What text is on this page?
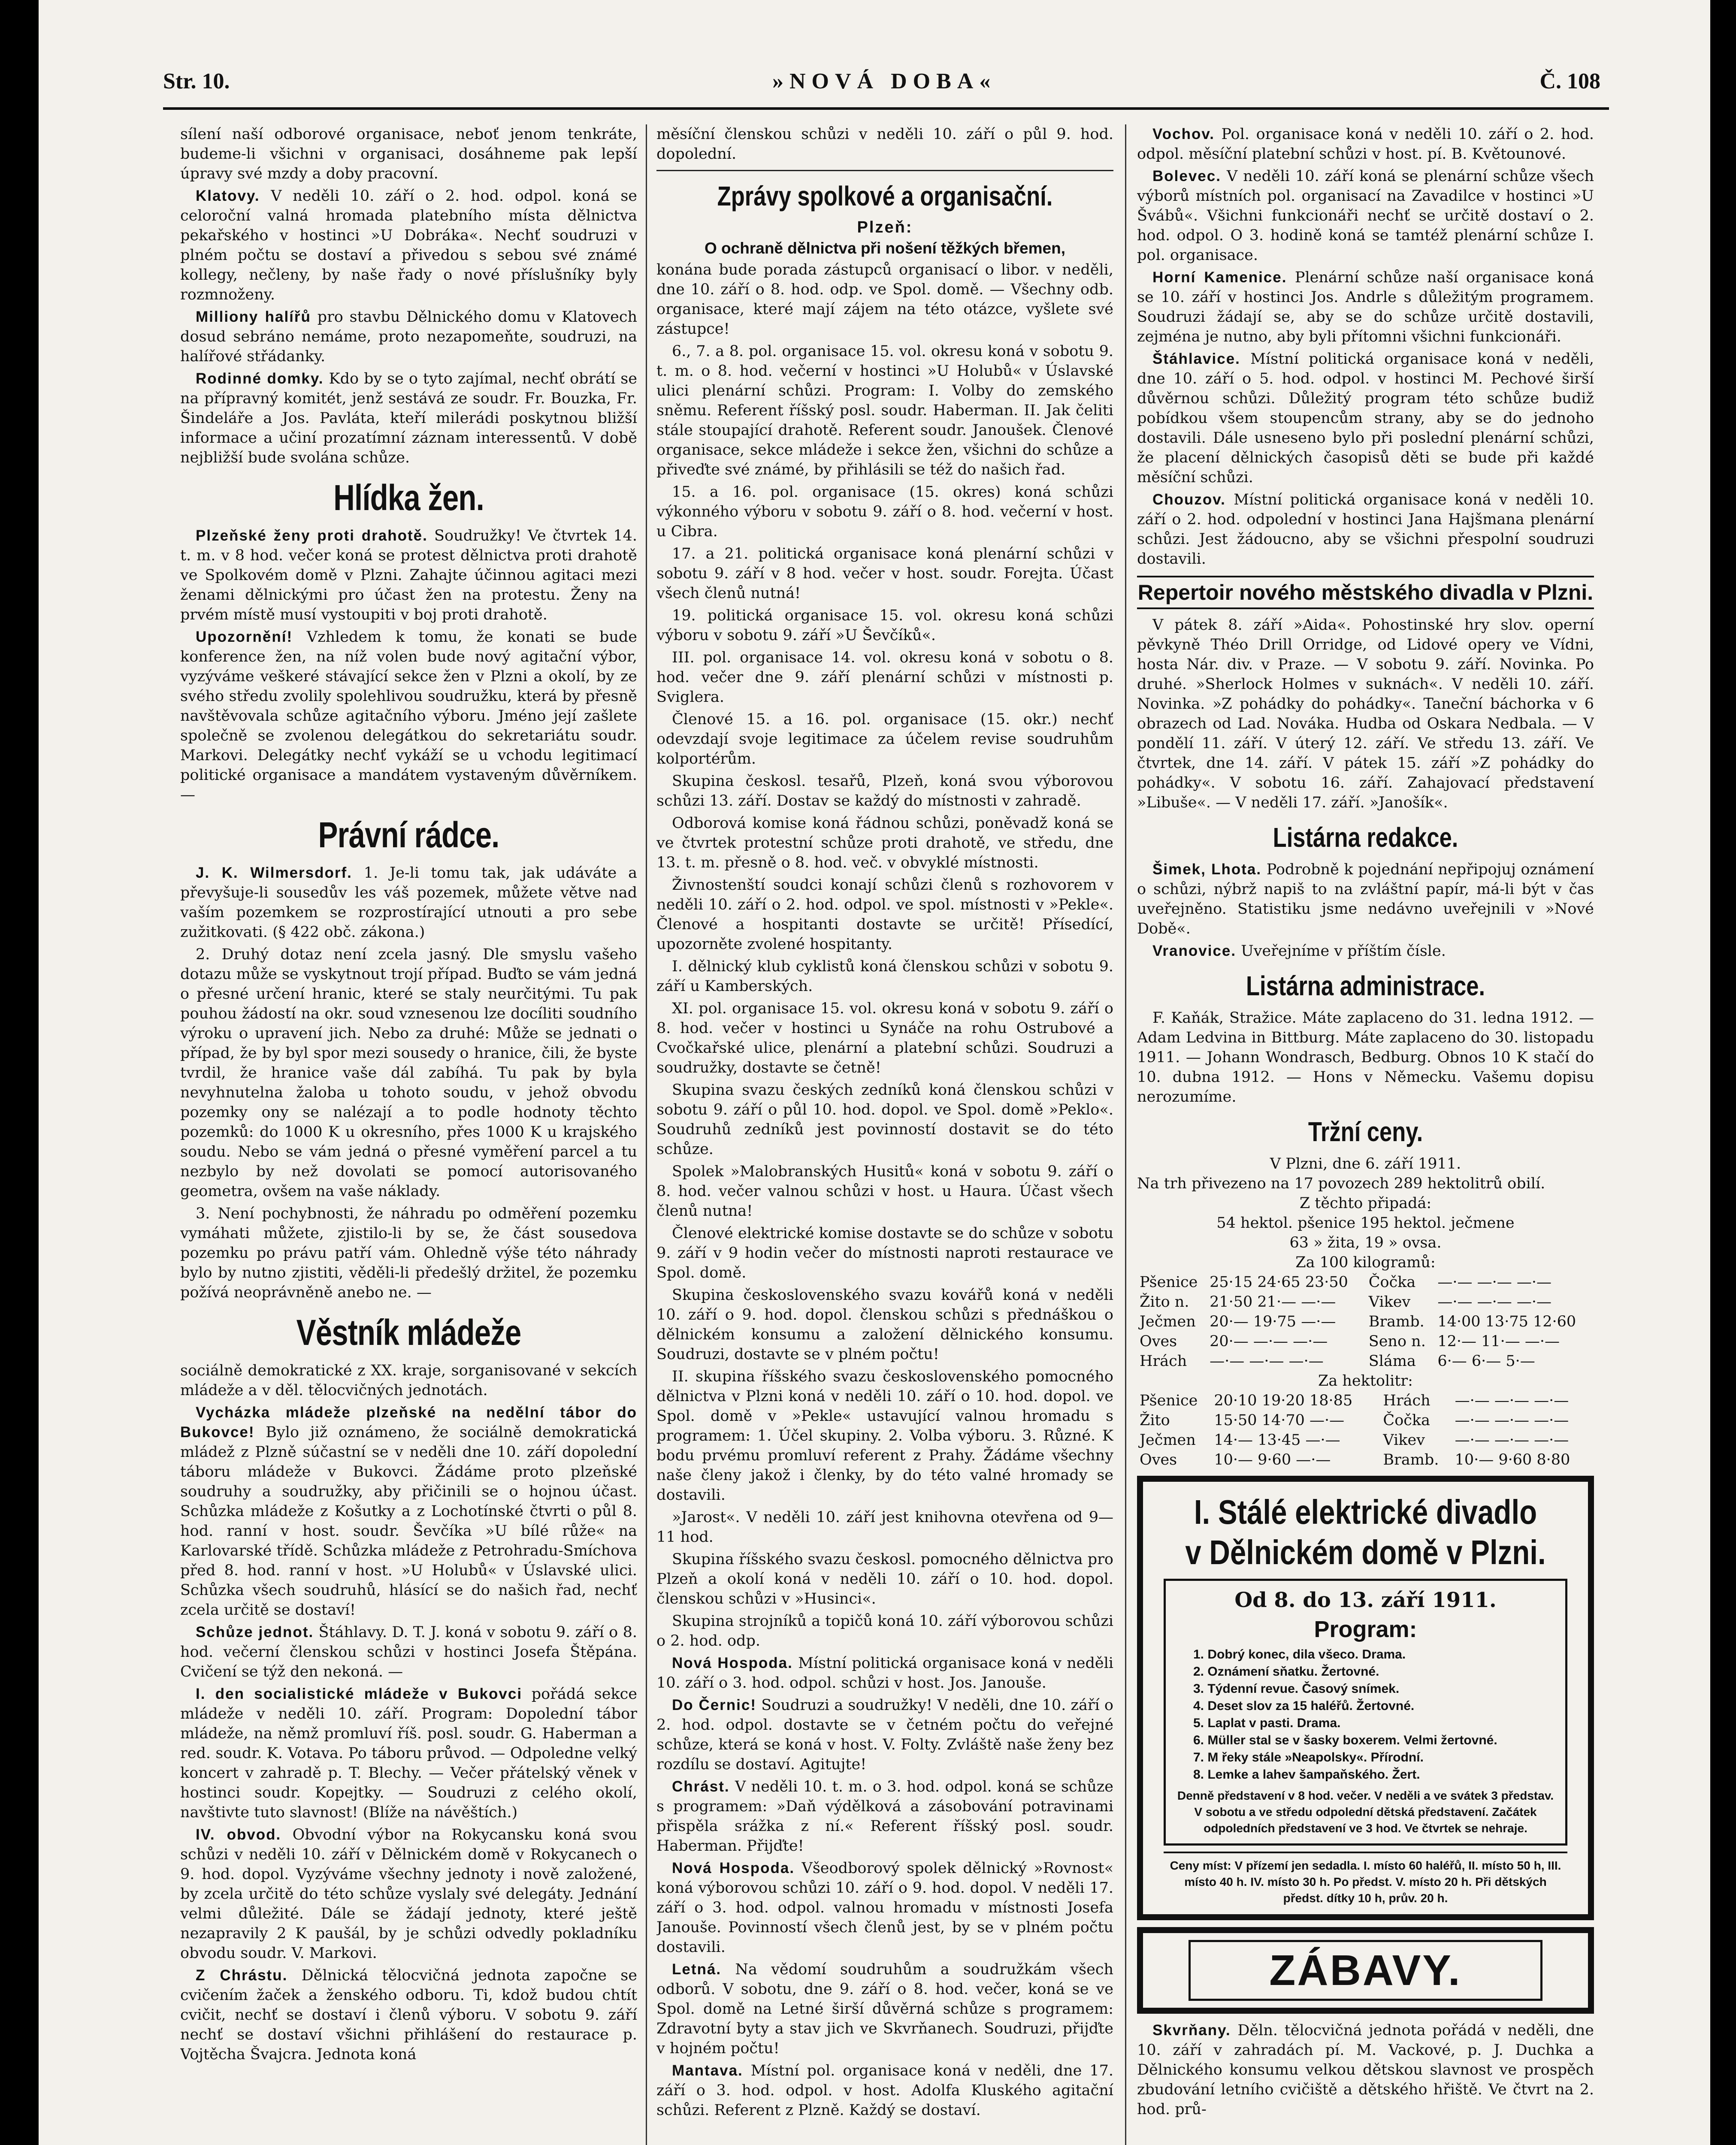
Str. 10.	»NOVÁ DOBA«	Č. 108

sílení naší odborové organisace, neboť jenom tenkráte, budeme-li všichni v organisaci, dosáhneme pak lepší úpravy své mzdy a doby pracovní.

Klatovy. V neděli 10. září o 2. hod. odpol. koná se celoroční valná hromada platebního místa dělnictva pekařského v hostinci »U Dobráka«. Nechť soudruzi v plném počtu se dostaví a přivedou s sebou své známé kollegy, nečleny, by naše řady o nové příslušníky byly rozmnoženy.

Milliony halířů pro stavbu Dělnického domu v Klatovech dosud sebráno nemáme, proto nezapomeňte, soudruzi, na halířové střádanky.

Rodinné domky. Kdo by se o tyto zajímal, nechť obrátí se na přípravný komitét, jenž sestává ze soudr. Fr. Bouzka, Fr. Šindeláře a Jos. Pavláta, kteří milerádi poskytnou bližší informace a učiní prozatímní záznam interessentů. V době nejbližší bude svolána schůze.

Hlídka žen.

Plzeňské ženy proti drahotě. Soudružky! Ve čtvrtek 14. t. m. v 8 hod. večer koná se protest dělnictva proti drahotě ve Spolkovém domě v Plzni. Zahajte účinnou agitaci mezi ženami dělnickými pro účast žen na protestu. Ženy na prvém místě musí vystoupiti v boj proti drahotě.

Upozornění! Vzhledem k tomu, že konati se bude konference žen, na níž volen bude nový agitační výbor, vyzýváme veškeré stávající sekce žen v Plzni a okolí, by ze svého středu zvolily spolehlivou soudružku, která by přesně navštěvovala schůze agitačního výboru. Jméno její zašlete společně se zvolenou delegátkou do sekretariátu soudr. Markovi. Delegátky nechť vykáží se u vchodu legitimací politické organisace a mandátem vystaveným důvěrníkem. —

Právní rádce.

J. K. Wilmersdorf. 1. Je-li tomu tak, jak udáváte a převyšuje-li sousedův les váš pozemek, můžete větve nad vaším pozemkem se rozprostírající utnouti a pro sebe zužitkovati. (§ 422 obč. zákona.)

2. Druhý dotaz není zcela jasný. Dle smyslu vašeho dotazu může se vyskytnout trojí případ. Buďto se vám jedná o přesné určení hranic, které se staly neurčitými. Tu pak pouhou žádostí na okr. soud vznesenou lze docíliti soudního výroku o upravení jich. Nebo za druhé: Může se jednati o případ, že by byl spor mezi sousedy o hranice, čili, že byste tvrdil, že hranice vaše dál zabíhá. Tu pak by byla nevyhnutelna žaloba u tohoto soudu, v jehož obvodu pozemky ony se nalézají a to podle hodnoty těchto pozemků: do 1000 K u okresního, přes 1000 K u krajského soudu. Nebo se vám jedná o přesné vyměření parcel a tu nezbylo by než dovolati se pomocí autorisovaného geometra, ovšem na vaše náklady.

3. Není pochybnosti, že náhradu po odměření pozemku vymáhati můžete, zjistilo-li by se, že část sousedova pozemku po právu patří vám. Ohledně výše této náhrady bylo by nutno zjistiti, věděli-li předešlý držitel, že pozemku požívá neoprávněně anebo ne. —

Věstník mládeže

sociálně demokratické z XX. kraje, sorganisované v sekcích mládeže a v děl. tělocvičných jednotách.

Vycházka mládeže plzeňské na nedělní tábor do Bukovce! Bylo již oznámeno, že sociálně demokratická mládež z Plzně súčastní se v neděli dne 10. září dopolední táboru mládeže v Bukovci. Žádáme proto plzeňské soudruhy a soudružky, aby přičinili se o hojnou účast. Schůzka mládeže z Košutky a z Lochotínské čtvrti o půl 8. hod. ranní v host. soudr. Ševčíka »U bílé růže« na Karlovarské třídě. Schůzka mládeže z Petrohradu-Smíchova před 8. hod. ranní v host. »U Holubů« v Úslavské ulici. Schůzka všech soudruhů, hlásící se do našich řad, nechť zcela určitě se dostaví!

Schůze jednot. Štáhlavy. D. T. J. koná v sobotu 9. září o 8. hod. večerní členskou schůzi v hostinci Josefa Štěpána. Cvičení se týž den nekoná. —

I. den socialistické mládeže v Bukovci pořádá sekce mládeže v neděli 10. září. Program: Dopolední tábor mládeže, na němž promluví říš. posl. soudr. G. Haberman a red. soudr. K. Votava. Po táboru průvod. — Odpoledne velký koncert v zahradě p. T. Blechy. — Večer přátelský věnek v hostinci soudr. Kopejtky. — Soudruzi z celého okolí, navštivte tuto slavnost! (Blíže na návěštích.)

IV. obvod. Obvodní výbor na Rokycansku koná svou schůzi v neděli 10. září v Dělnickém domě v Rokycanech o 9. hod. dopol. Vyzýváme všechny jednoty i nově založené, by zcela určitě do této schůze vyslaly své delegáty. Jednání velmi důležité. Dále se žádají jednoty, které ještě nezapravily 2 K paušál, by je schůzi odvedly pokladníku obvodu soudr. V. Markovi.

Z Chrástu. Dělnická tělocvičná jednota započne se cvičením žaček a ženského odboru. Ti, kdož budou chtít cvičit, nechť se dostaví i členů výboru. V sobotu 9. září nechť se dostaví všichni přihlášení do restaurace p. Vojtěcha Švajcra. Jednota koná

měsíční členskou schůzi v neděli 10. září o půl 9. hod. dopolední.

Zprávy spolkové a organisační.
Plzeň:
O ochraně dělnictva při nošení těžkých břemen,

konána bude porada zástupců organisací o libor. v neděli, dne 10. září o 8. hod. odp. ve Spol. domě. — Všechny odb. organisace, které mají zájem na této otázce, vyšlete své zástupce!

6., 7. a 8. pol. organisace 15. vol. okresu koná v sobotu 9. t. m. o 8. hod. večerní v hostinci »U Holubů« v Úslavské ulici plenární schůzi. Program: I. Volby do zemského sněmu. Referent říšský posl. soudr. Haberman. II. Jak čeliti stále stoupající drahotě. Referent soudr. Janoušek. Členové organisace, sekce mládeže i sekce žen, všichni do schůze a přiveďte své známé, by přihlásili se též do našich řad.

15. a 16. pol. organisace (15. okres) koná schůzi výkonného výboru v sobotu 9. září o 8. hod. večerní v host. u Cibra.

17. a 21. politická organisace koná plenární schůzi v sobotu 9. září v 8 hod. večer v host. soudr. Forejta. Účast všech členů nutná!

19. politická organisace 15. vol. okresu koná schůzi výboru v sobotu 9. září »U Ševčíků«.

III. pol. organisace 14. vol. okresu koná v sobotu o 8. hod. večer dne 9. září plenární schůzi v místnosti p. Sviglera.

Členové 15. a 16. pol. organisace (15. okr.) nechť odevzdají svoje legitimace za účelem revise soudruhům kolportérům.

Skupina českosl. tesařů, Plzeň, koná svou výborovou schůzi 13. září. Dostav se každý do místnosti v zahradě.

Odborová komise koná řádnou schůzi, poněvadž koná se ve čtvrtek protestní schůze proti drahotě, ve středu, dne 13. t. m. přesně o 8. hod. več. v obvyklé místnosti.

Živnostenští soudci konají schůzi členů s rozhovorem v neděli 10. září o 2. hod. odpol. ve spol. místnosti v »Pekle«. Členové a hospitanti dostavte se určitě! Přísedící, upozorněte zvolené hospitanty.

I. dělnický klub cyklistů koná členskou schůzi v sobotu 9. září u Kamberských.

XI. pol. organisace 15. vol. okresu koná v sobotu 9. září o 8. hod. večer v hostinci u Synáče na rohu Ostrubové a Cvočkařské ulice, plenární a platební schůzi. Soudruzi a soudružky, dostavte se četně!

Skupina svazu českých zedníků koná členskou schůzi v sobotu 9. září o půl 10. hod. dopol. ve Spol. domě »Peklo«. Soudruhů zedníků jest povinností dostavit se do této schůze.

Spolek »Malobranských Husitů« koná v sobotu 9. září o 8. hod. večer valnou schůzi v host. u Haura. Účast všech členů nutna!

Členové elektrické komise dostavte se do schůze v sobotu 9. září v 9 hodin večer do místnosti naproti restaurace ve Spol. domě.

Skupina československého svazu kovářů koná v neděli 10. září o 9. hod. dopol. členskou schůzi s přednáškou o dělnickém konsumu a založení dělnického konsumu. Soudruzi, dostavte se v plném počtu!

II. skupina říšského svazu československého pomocného dělnictva v Plzni koná v neděli 10. září o 10. hod. dopol. ve Spol. domě v »Pekle« ustavující valnou hromadu s programem: 1. Účel skupiny. 2. Volba výboru. 3. Různé. K bodu prvému promluví referent z Prahy. Žádáme všechny naše členy jakož i členky, by do této valné hromady se dostavili.

»Jarost«. V neděli 10. září jest knihovna otevřena od 9—11 hod.

Skupina říšského svazu českosl. pomocného dělnictva pro Plzeň a okolí koná v neděli 10. září o 10. hod. dopol. členskou schůzi v »Husinci«.

Skupina strojníků a topičů koná 10. září výborovou schůzi o 2. hod. odp.

Nová Hospoda. Místní politická organisace koná v neděli 10. září o 3. hod. odpol. schůzi v host. Jos. Janouše.

Do Černic! Soudruzi a soudružky! V neděli, dne 10. září o 2. hod. odpol. dostavte se v četném počtu do veřejné schůze, která se koná v host. V. Folty. Zvláště naše ženy bez rozdílu se dostaví. Agitujte!

Chrást. V neděli 10. t. m. o 3. hod. odpol. koná se schůze s programem: »Daň výdělková a zásobování potravinami přispěla srážka z ní.« Referent říšský posl. soudr. Haberman. Přijďte!

Nová Hospoda. Všeodborový spolek dělnický »Rovnost« koná výborovou schůzi 10. září o 9. hod. dopol. V neděli 17. září o 3. hod. odpol. valnou hromadu v místnosti Josefa Janouše. Povinností všech členů jest, by se v plném počtu dostavili.

Letná. Na vědomí soudruhům a soudružkám všech odborů. V sobotu, dne 9. září o 8. hod. večer, koná se ve Spol. domě na Letné širší důvěrná schůze s programem: Zdravotní byty a stav jich ve Skvrňanech. Soudruzi, přijďte v hojném počtu!

Mantava. Místní pol. organisace koná v neděli, dne 17. září o 3. hod. odpol. v host. Adolfa Kluského agitační schůzi. Referent z Plzně. Každý se dostaví.

Vochov. Pol. organisace koná v neděli 10. září o 2. hod. odpol. měsíční platební schůzi v host. pí. B. Květounové.

Bolevec. V neděli 10. září koná se plenární schůze všech výborů místních pol. organisací na Zavadilce v hostinci »U Švábů«. Všichni funkcionáři nechť se určitě dostaví o 2. hod. odpol. O 3. hodině koná se tamtéž plenární schůze I. pol. organisace.

Horní Kamenice. Plenární schůze naší organisace koná se 10. září v hostinci Jos. Andrle s důležitým programem. Soudruzi žádají se, aby se do schůze určitě dostavili, zejména je nutno, aby byli přítomni všichni funkcionáři.

Štáhlavice. Místní politická organisace koná v neděli, dne 10. září o 5. hod. odpol. v hostinci M. Pechové širší důvěrnou schůzi. Důležitý program této schůze budiž pobídkou všem stoupencům strany, aby se do jednoho dostavili. Dále usneseno bylo při poslední plenární schůzi, že placení dělnických časopisů děti se bude při každé měsíční schůzi.

Chouzov. Místní politická organisace koná v neděli 10. září o 2. hod. odpolední v hostinci Jana Hajšmana plenární schůzi. Jest žádoucno, aby se všichni přespolní soudruzi dostavili.

Repertoir nového městského divadla v Plzni.

V pátek 8. září »Aida«. Pohostinské hry slov. operní pěvkyně Théo Drill Orridge, od Lidové opery ve Vídni, hosta Nár. div. v Praze. — V sobotu 9. září. Novinka. Po druhé. »Sherlock Holmes v suknách«. V neděli 10. září. Novinka. »Z pohádky do pohádky«. Taneční báchorka v 6 obrazech od Lad. Nováka. Hudba od Oskara Nedbala. — V pondělí 11. září. V úterý 12. září. Ve středu 13. září. Ve čtvrtek, dne 14. září. V pátek 15. září »Z pohádky do pohádky«. V sobotu 16. září. Zahajovací představení »Libuše«. — V neděli 17. září. »Janošík«.

Listárna redakce.

Šimek, Lhota. Podrobně k pojednání nepřipojuj oznámení o schůzi, nýbrž napiš to na zvláštní papír, má-li být v čas uveřejněno. Statistiku jsme nedávno uveřejnili v »Nové Době«.

Vranovice. Uveřejníme v příštím čísle.

Listárna administrace.

F. Kaňák, Stražice. Máte zaplaceno do 31. ledna 1912. — Adam Ledvina in Bittburg. Máte zaplaceno do 30. listopadu 1911. — Johann Wondrasch, Bedburg. Obnos 10 K stačí do 10. dubna 1912. — Hons v Německu. Vašemu dopisu nerozumíme.

Tržní ceny.
V Plzni, dne 6. září 1911.
Na trh přivezeno na 17 povozech 289 hektolitrů obilí.
Z těchto připadá:
54 hektol. pšenice 195 hektol. ječmene
63 » žita, 19 » ovsa.
Za 100 kilogramů:
Pšenice	25·15 24·65 23·50	Čočka	—·— —·— —·—
Žito n.	21·50 21·— —·—	Vikev	—·— —·— —·—
Ječmen	20·— 19·75 —·—	Bramb.	14·00 13·75 12·60
Oves	20·— —·— —·—	Seno n.	12·— 11·— —·—
Hrách	—·— —·— —·—	Sláma	6·— 6·— 5·—
Za hektolitr:
Pšenice	20·10 19·20 18·85	Hrách	—·— —·— —·—
Žito	15·50 14·70 —·—	Čočka	—·— —·— —·—
Ječmen	14·— 13·45 —·—	Vikev	—·— —·— —·—
Oves	10·— 9·60 —·—	Bramb.	10·— 9·60 8·80
I. Stálé elektrické divadlo v Dělnickém domě v Plzni.
Od 8. do 13. září 1911.
Program:
1. Dobrý konec, dila všeco. Drama.
2. Oznámení sňatku. Žertovné.
3. Týdenní revue. Časový snímek.
4. Deset slov za 15 haléřů. Žertovné.
5. Laplat v pasti. Drama.
6. Müller stal se v šasky boxerem. Velmi žertovné.
7. M řeky stále »Neapolsky«. Přírodní.
8. Lemke a lahev šampaňského. Žert.
Denně představení v 8 hod. večer. V neděli a ve svátek 3 představ. V sobotu a ve středu odpolední dětská představení. Začátek odpoledních představení ve 3 hod. Ve čtvrtek se nehraje.
Ceny míst: V přízemí jen sedadla. I. místo 60 haléřů, II. místo 50 h, III. místo 40 h. IV. místo 30 h. Po předst. V. místo 20 h. Při dětských předst. dítky 10 h, prův. 20 h.
ZÁBAVY.

Skvrňany. Děln. tělocvičná jednota pořádá v neděli, dne 10. září v zahradách pí. M. Vackové, p. J. Duchka a Dělnického konsumu velkou dětskou slavnost ve prospěch zbudování letního cvičiště a dětského hřiště. Ve čtvrt na 2. hod. prů-
